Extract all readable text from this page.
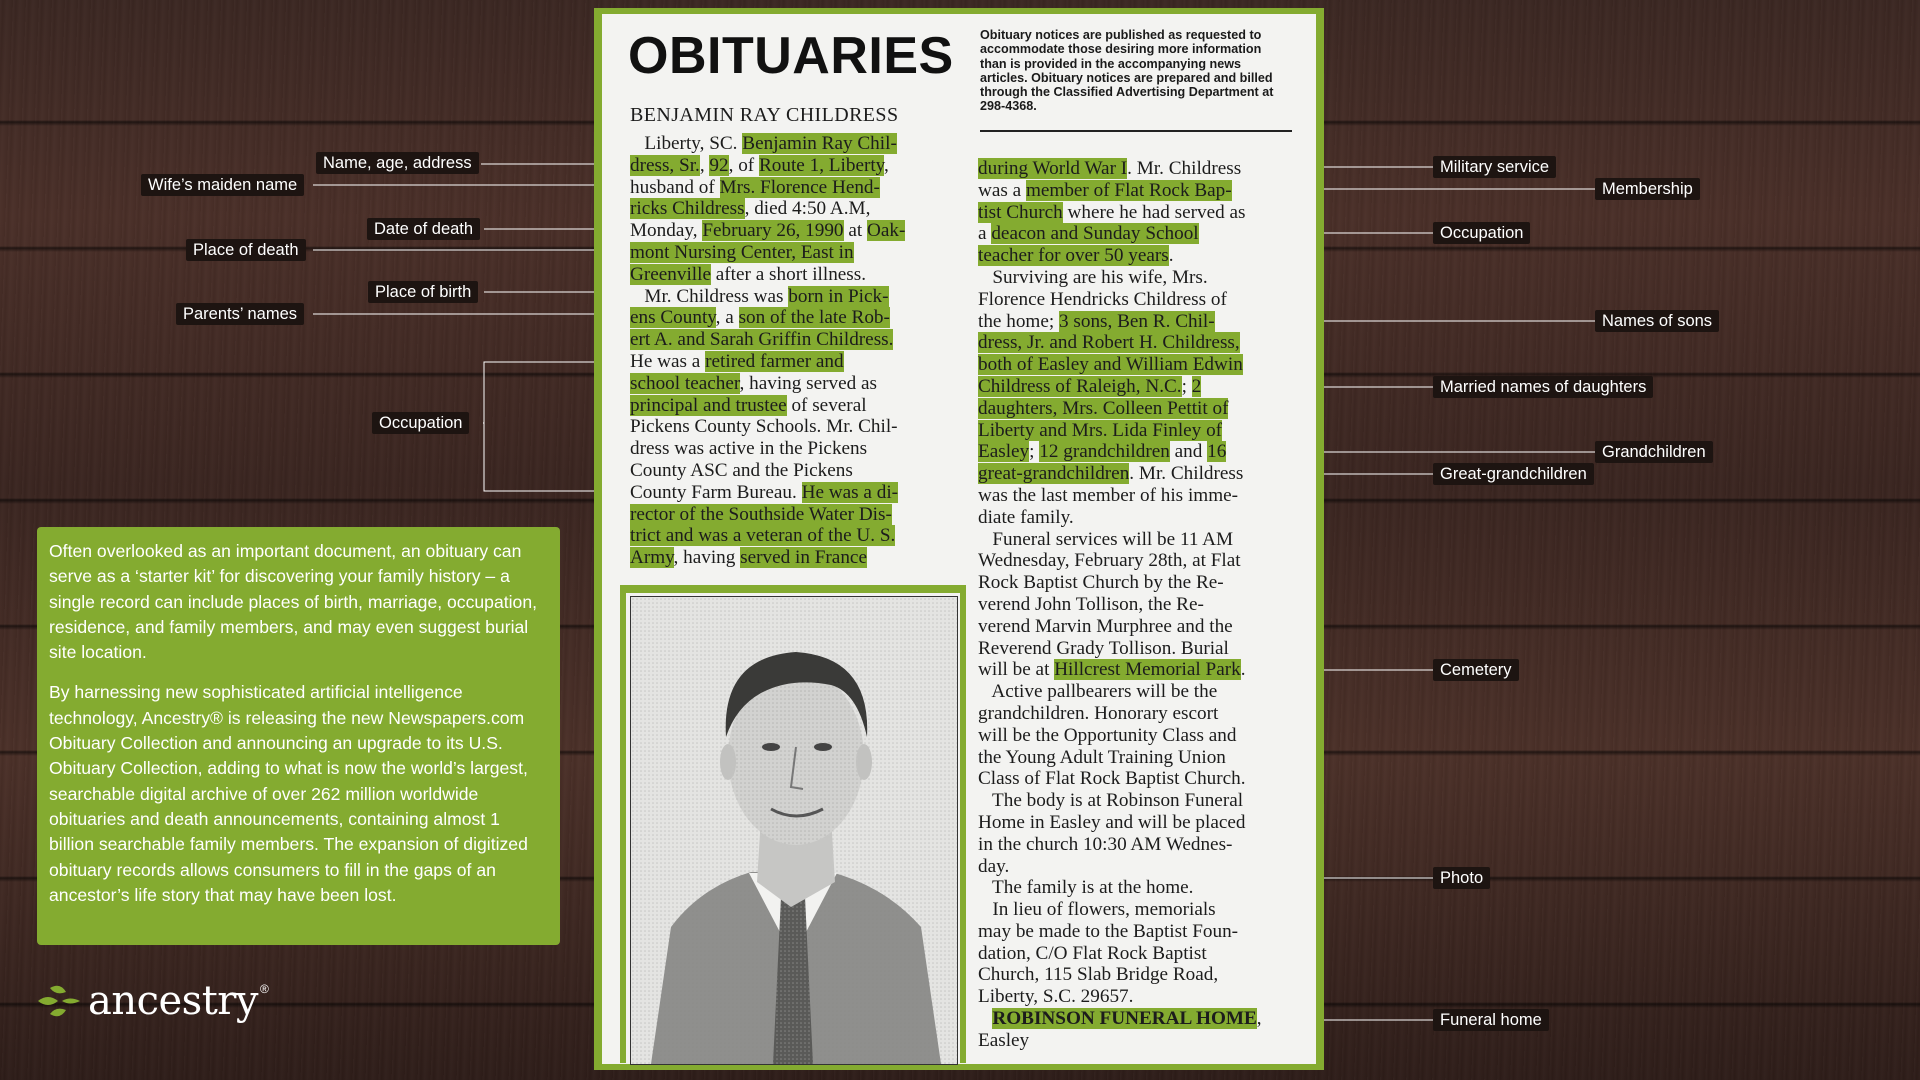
Name, age, address
Wife’s maiden name
Date of death
Place of death
Place of birth
Parents’ names
Occupation
Military service
Membership
Occupation
Names of sons
Married names of daughters
Grandchildren
Great-grandchildren
Cemetery
Photo
Funeral home
OBITUARIES Obituary notices are published as requested to accommodate those desiring more information than is provided in the accompanying news articles. Obituary notices are prepared and billed through the Classified Advertising Department at 298-4368.
BENJAMIN RAY CHILDRESS
Liberty, SC. Benjamin Ray Chil-
dress, Sr., 92, of Route 1, Liberty,
husband of Mrs. Florence Hend-
ricks Childress, died 4:50 A.M,
Monday, February 26, 1990 at Oak-
mont Nursing Center, East in
Greenville after a short illness.
Mr. Childress was born in Pick-
ens County, a son of the late Rob-
ert A. and Sarah Griffin Childress.
He was a retired farmer and
school teacher, having served as
principal and trustee of several
Pickens County Schools. Mr. Chil-
dress was active in the Pickens
County ASC and the Pickens
County Farm Bureau. He was a di-
rector of the Southside Water Dis-
trict and was a veteran of the U. S.
Army, having served in France
during World War I. Mr. Childress
was a member of Flat Rock Bap-
tist Church where he had served as
a deacon and Sunday School
teacher for over 50 years.
Surviving are his wife, Mrs.
Florence Hendricks Childress of
the home; 3 sons, Ben R. Chil-
dress, Jr. and Robert H. Childress,
both of Easley and William Edwin
Childress of Raleigh, N.C.; 2
daughters, Mrs. Colleen Pettit of
Liberty and Mrs. Lida Finley of
Easley; 12 grandchildren and 16
great-grandchildren. Mr. Childress
was the last member of his imme-
diate family.
Funeral services will be 11 AM
Wednesday, February 28th, at Flat
Rock Baptist Church by the Re-
verend John Tollison, the Re-
verend Marvin Murphree and the
Reverend Grady Tollison. Burial
will be at Hillcrest Memorial Park.
Active pallbearers will be the
grandchildren. Honorary escort
will be the Opportunity Class and
the Young Adult Training Union
Class of Flat Rock Baptist Church.
The body is at Robinson Funeral
Home in Easley and will be placed
in the church 10:30 AM Wednes-
day.
The family is at the home.
In lieu of flowers, memorials
may be made to the Baptist Foun-
dation, C/O Flat Rock Baptist
Church, 115 Slab Bridge Road,
Liberty, S.C. 29657.
ROBINSON FUNERAL HOME,
Easley

Often overlooked as an important document, an obituary can serve as a ‘starter kit’ for discovering your family history – a single record can include places of birth, marriage, occupation, residence, and family members, and may even suggest burial site location.

By harnessing new sophisticated artificial intelligence technology, Ancestry® is releasing the new Newspapers.com Obituary Collection and announcing an upgrade to its U.S. Obituary Collection, adding to what is now the world’s largest, searchable digital archive of over 262 million worldwide obituaries and death announcements, containing almost 1 billion searchable family members. The expansion of digitized obituary records allows consumers to fill in the gaps of an ancestor’s life story that may have been lost.

ancestry ®
